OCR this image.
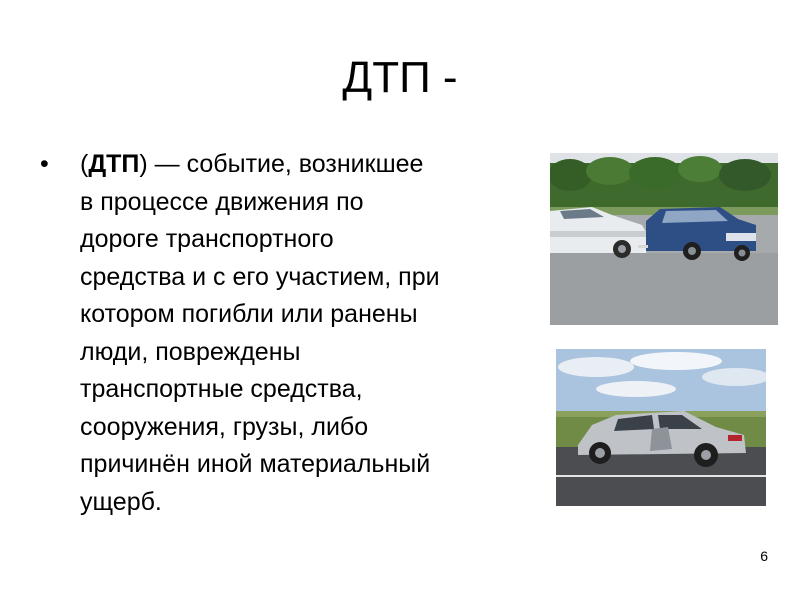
ДТП -
•	(ДТП) — событие, возникшее
в процессе движения по
дороге транспортного
средства и с его участием, при
котором погибли или ранены
люди, повреждены
транспортные средства,
сооружения, грузы, либо
причинён иной материальный
ущерб.
6
